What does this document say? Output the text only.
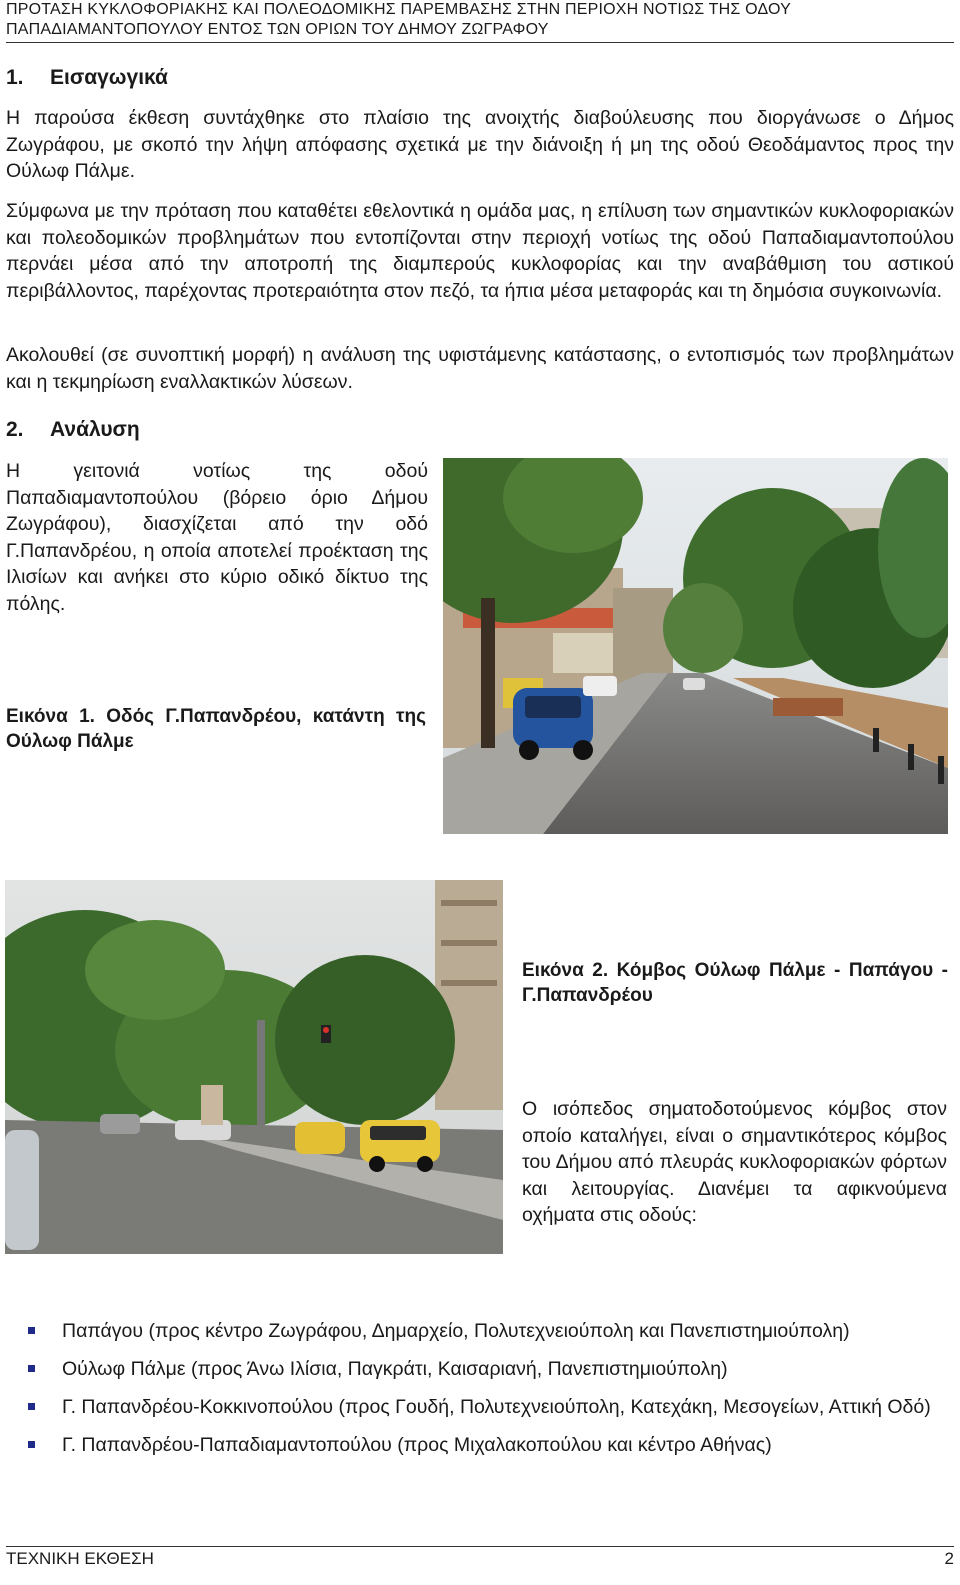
ΠΡΟΤΑΣΗ ΚΥΚΛΟΦΟΡΙΑΚΗΣ ΚΑΙ ΠΟΛΕΟΔΟΜΙΚΗΣ ΠΑΡΕΜΒΑΣΗΣ ΣΤΗΝ ΠΕΡΙΟΧΗ ΝΟΤΙΩΣ ΤΗΣ ΟΔΟΥ
ΠΑΠΑΔΙΑΜΑΝΤΟΠΟΥΛΟΥ ΕΝΤΟΣ ΤΩΝ ΟΡΙΩΝ ΤΟΥ ΔΗΜΟΥ ΖΩΓΡΑΦΟΥ
1. Εισαγωγικά
Η παρούσα έκθεση συντάχθηκε στο πλαίσιο της ανοιχτής διαβούλευσης που διοργάνωσε ο Δήμος Ζωγράφου, με σκοπό την λήψη απόφασης σχετικά με την διάνοιξη ή μη της οδού Θεοδάμαντος προς την Ούλωφ Πάλμε.
Σύμφωνα με την πρόταση που καταθέτει εθελοντικά η ομάδα μας, η επίλυση των σημαντικών κυκλοφοριακών και πολεοδομικών προβλημάτων που εντοπίζονται στην περιοχή νοτίως της οδού Παπαδιαμαντοπούλου περνάει μέσα από την αποτροπή της διαμπερούς κυκλοφορίας και την αναβάθμιση του αστικού περιβάλλοντος, παρέχοντας προτεραιότητα στον πεζό, τα ήπια μέσα μεταφοράς και τη δημόσια συγκοινωνία.
Ακολουθεί (σε συνοπτική μορφή) η ανάλυση της υφιστάμενης κατάστασης, ο εντοπισμός των προβλημάτων και η τεκμηρίωση εναλλακτικών λύσεων.
2. Ανάλυση
Η γειτονιά νοτίως της οδού Παπαδιαμαντοπούλου (βόρειο όριο Δήμου Ζωγράφου), διασχίζεται από την οδό Γ.Παπανδρέου, η οποία αποτελεί προέκταση της Ιλισίων και ανήκει στο κύριο οδικό δίκτυο της πόλης.
Εικόνα 1. Οδός Γ.Παπανδρέου, κατάντη της Ούλωφ Πάλμε
Εικόνα 2. Κόμβος Ούλωφ Πάλμε - Παπάγου - Γ.Παπανδρέου
Ο ισόπεδος σηματοδοτούμενος κόμβος στον οποίο καταλήγει, είναι ο σημαντικότερος κόμβος του Δήμου από πλευράς κυκλοφοριακών φόρτων και λειτουργίας. Διανέμει τα αφικνούμενα οχήματα στις οδούς:
Παπάγου (προς κέντρο Ζωγράφου, Δημαρχείο, Πολυτεχνειούπολη και Πανεπιστημιούπολη)
Ούλωφ Πάλμε (προς Άνω Ιλίσια, Παγκράτι, Καισαριανή, Πανεπιστημιούπολη)
Γ. Παπανδρέου-Κοκκινοπούλου (προς Γουδή, Πολυτεχνειούπολη, Κατεχάκη, Μεσογείων, Αττική Οδό)
Γ. Παπανδρέου-Παπαδιαμαντοπούλου (προς Μιχαλακοπούλου και κέντρο Αθήνας)
ΤΕΧΝΙΚΗ ΕΚΘΕΣΗ	2
